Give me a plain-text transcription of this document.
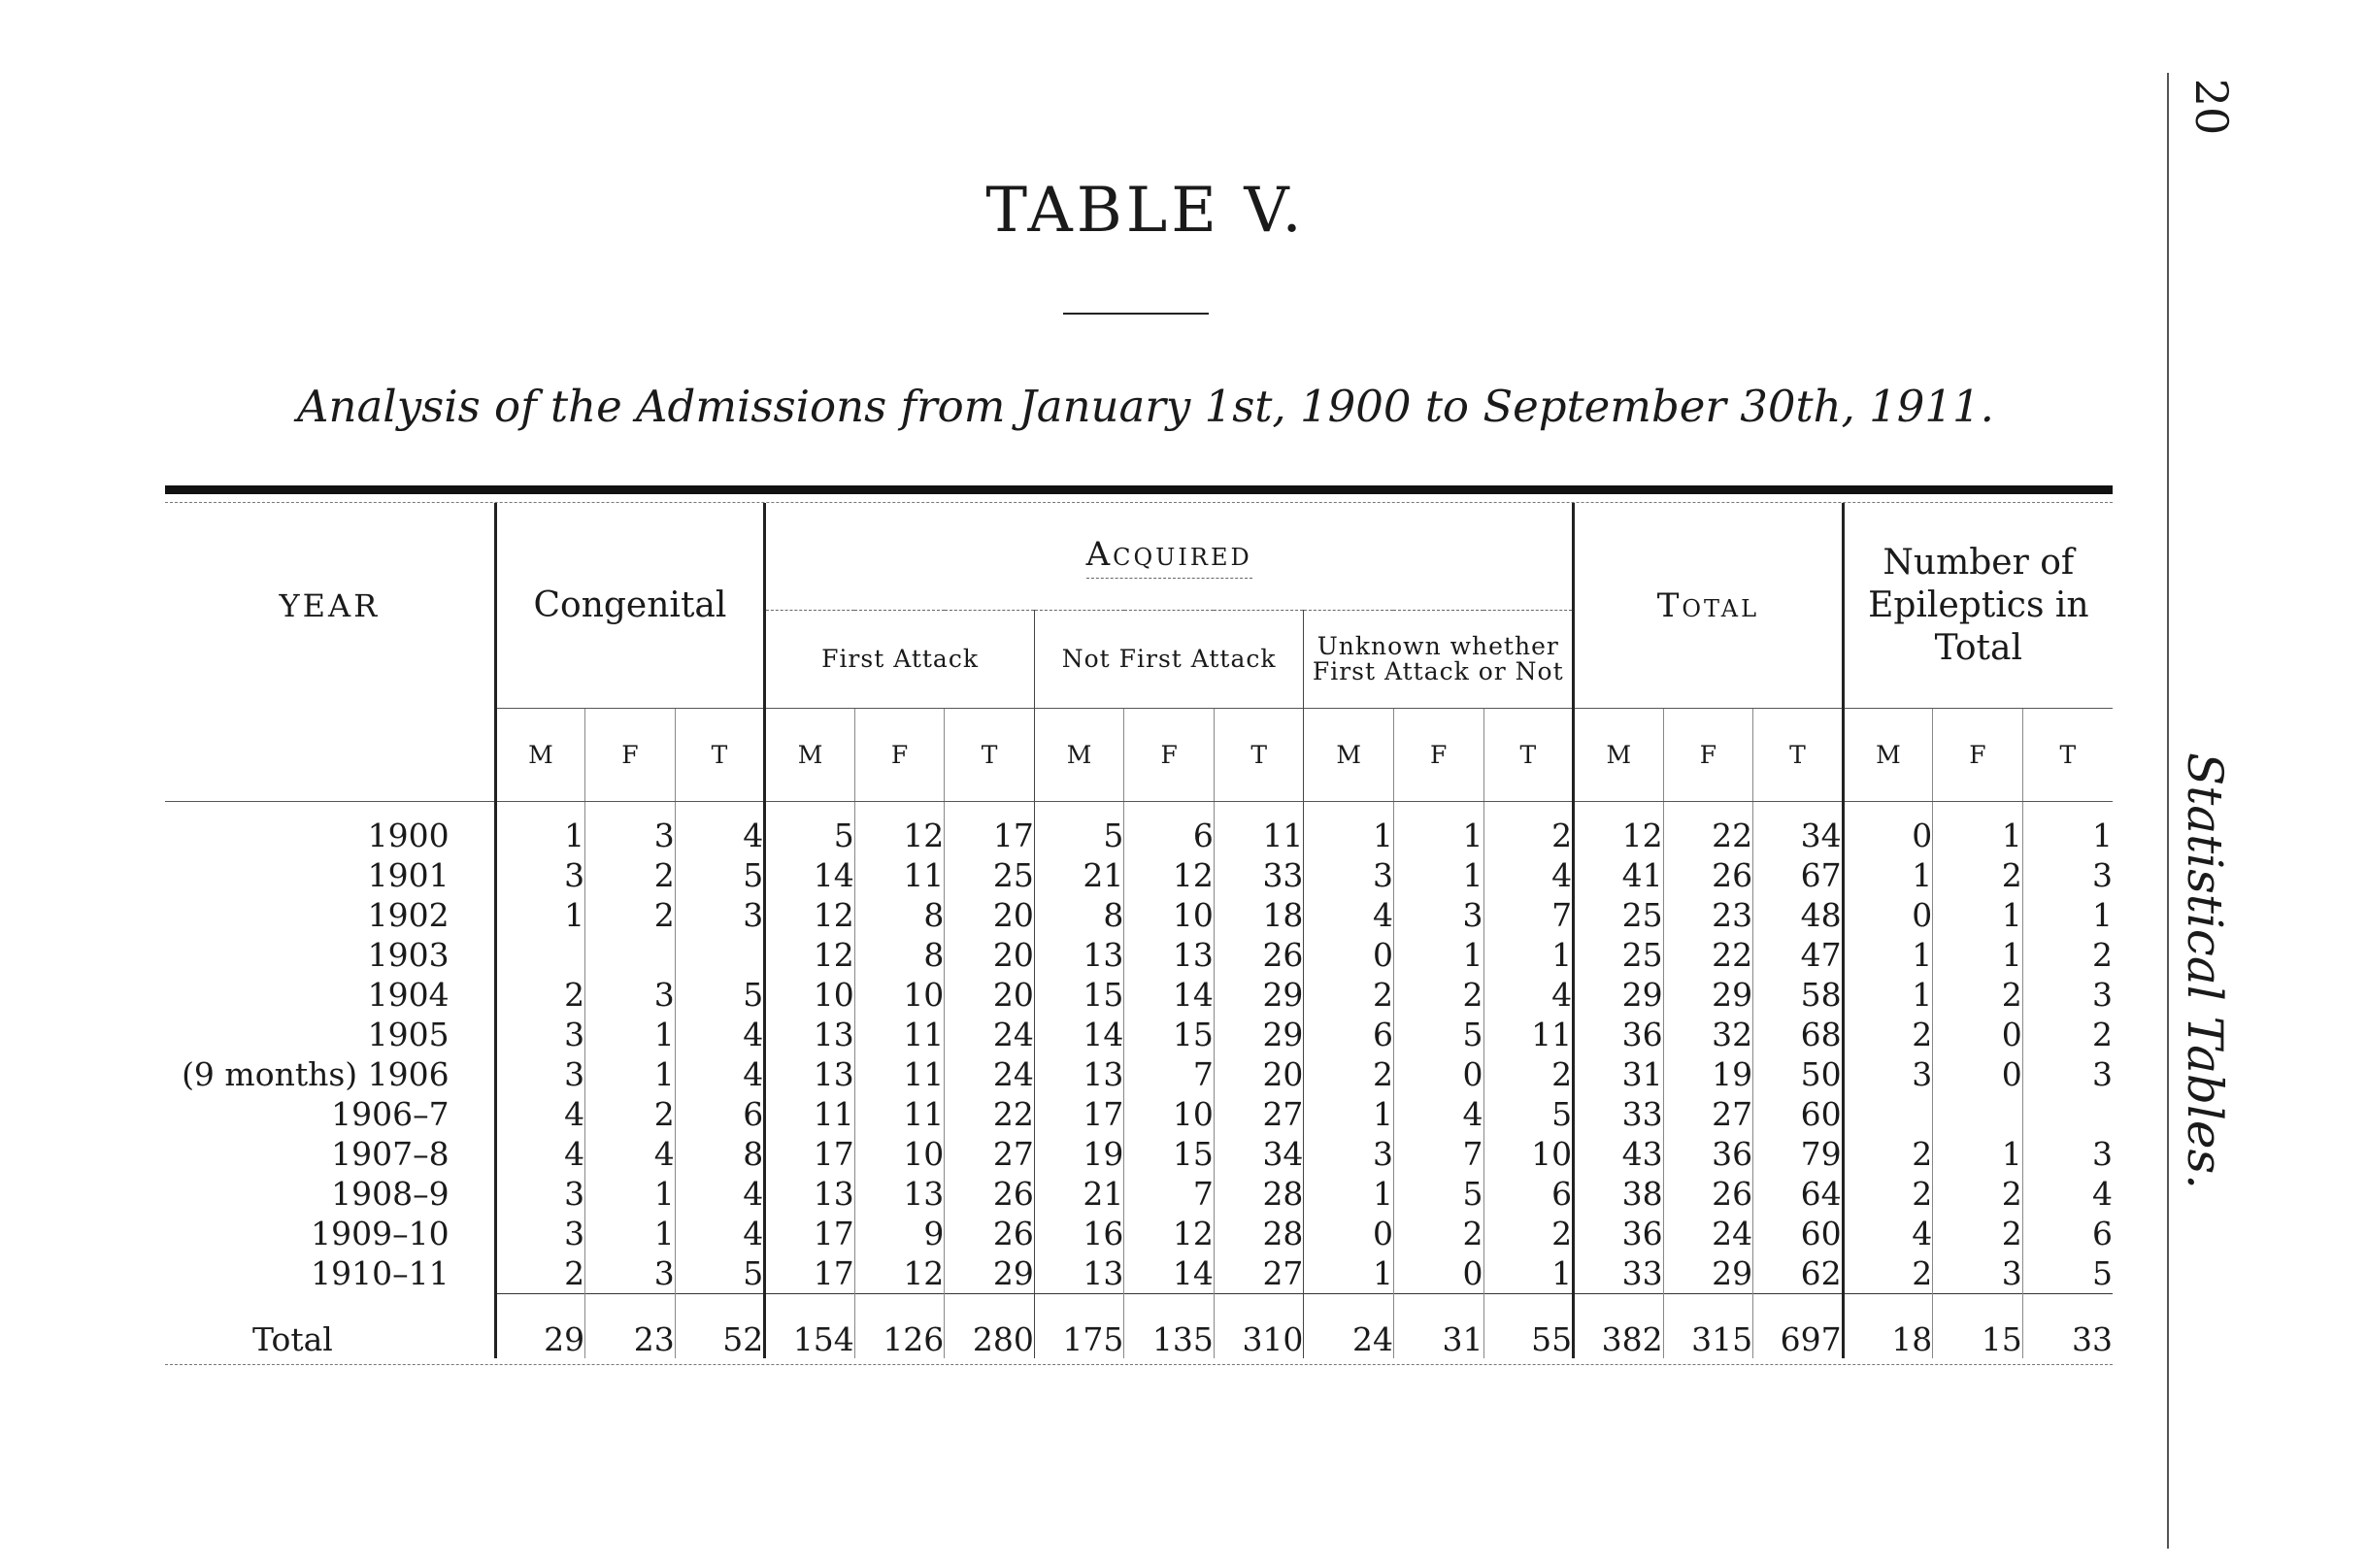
TABLE V.
Analysis of the Admissions from January 1st, 1900 to September 30th, 1911.
20
Statistical Tables.
YEAR	Congenital			Acquired									Total			Number of
Epileptics in
Total		

				First Attack			Not First Attack			Unknown whether
First Attack or Not								

	M	F	T	M	F	T	M	F	T	M	F	T	M	F	T	M	F	T

1900	1	3	4	5	12	17	5	6	11	1	1	2	12	22	34	0	1	1
1901	3	2	5	14	11	25	21	12	33	3	1	4	41	26	67	1	2	3
1902	1	2	3	12	8	20	8	10	18	4	3	7	25	23	48	0	1	1
1903				12	8	20	13	13	26	0	1	1	25	22	47	1	1	2
1904	2	3	5	10	10	20	15	14	29	2	2	4	29	29	58	1	2	3
1905	3	1	4	13	11	24	14	15	29	6	5	11	36	32	68	2	0	2
(9 months) 1906	3	1	4	13	11	24	13	7	20	2	0	2	31	19	50	3	0	3
1906–7	4	2	6	11	11	22	17	10	27	1	4	5	33	27	60			
1907–8	4	4	8	17	10	27	19	15	34	3	7	10	43	36	79	2	1	3
1908–9	3	1	4	13	13	26	21	7	28	1	5	6	38	26	64	2	2	4
1909–10	3	1	4	17	9	26	16	12	28	0	2	2	36	24	60	4	2	6
1910–11	2	3	5	17	12	29	13	14	27	1	0	1	33	29	62	2	3	5
Total	29	23	52	154	126	280	175	135	310	24	31	55	382	315	697	18	15	33
